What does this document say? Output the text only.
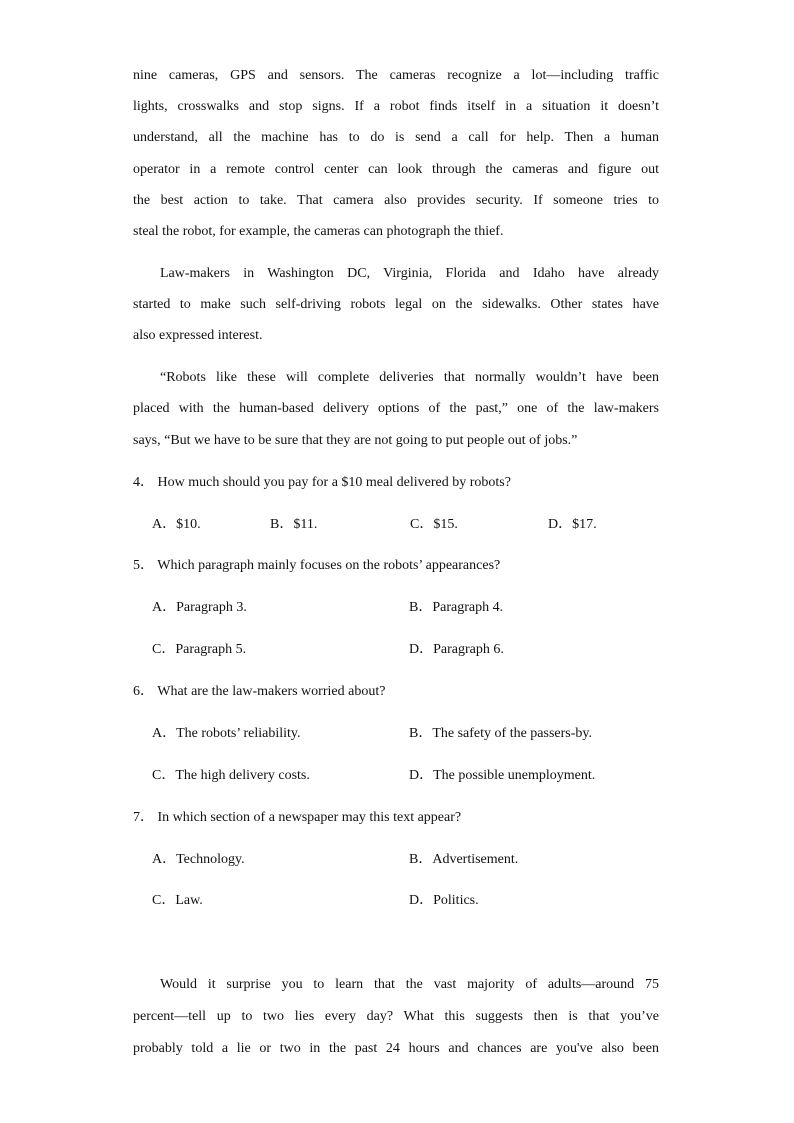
nine cameras, GPS and sensors. The cameras recognize a lot—including traffic
lights, crosswalks and stop signs. If a robot finds itself in a situation it doesn’t
understand, all the machine has to do is send a call for help. Then a human
operator in a remote control center can look through the cameras and figure out
the best action to take. That camera also provides security. If someone tries to
steal the robot, for example, the cameras can photograph the thief.
Law-makers in Washington DC, Virginia, Florida and Idaho have already
started to make such self-driving robots legal on the sidewalks. Other states have
also expressed interest.
“Robots like these will complete deliveries that normally wouldn’t have been
placed with the human-based delivery options of the past,” one of the law-makers
says, “But we have to be sure that they are not going to put people out of jobs.”
4． How much should you pay for a $10 meal delivered by robots?
A．$10.	B．$11.	C．$15.	D．$17.
5． Which paragraph mainly focuses on the robots’ appearances?
A．Paragraph 3.	B．Paragraph 4.
C．Paragraph 5.	D．Paragraph 6.
6． What are the law-makers worried about?
A．The robots’ reliability.	B．The safety of the passers-by.
C．The high delivery costs.	D．The possible unemployment.
7． In which section of a newspaper may this text appear?
A．Technology.	B．Advertisement.
C．Law.	D．Politics.
Would it surprise you to learn that the vast majority of adults—around 75
percent—tell up to two lies every day? What this suggests then is that you’ve
probably told a lie or two in the past 24 hours and chances are you've also been
